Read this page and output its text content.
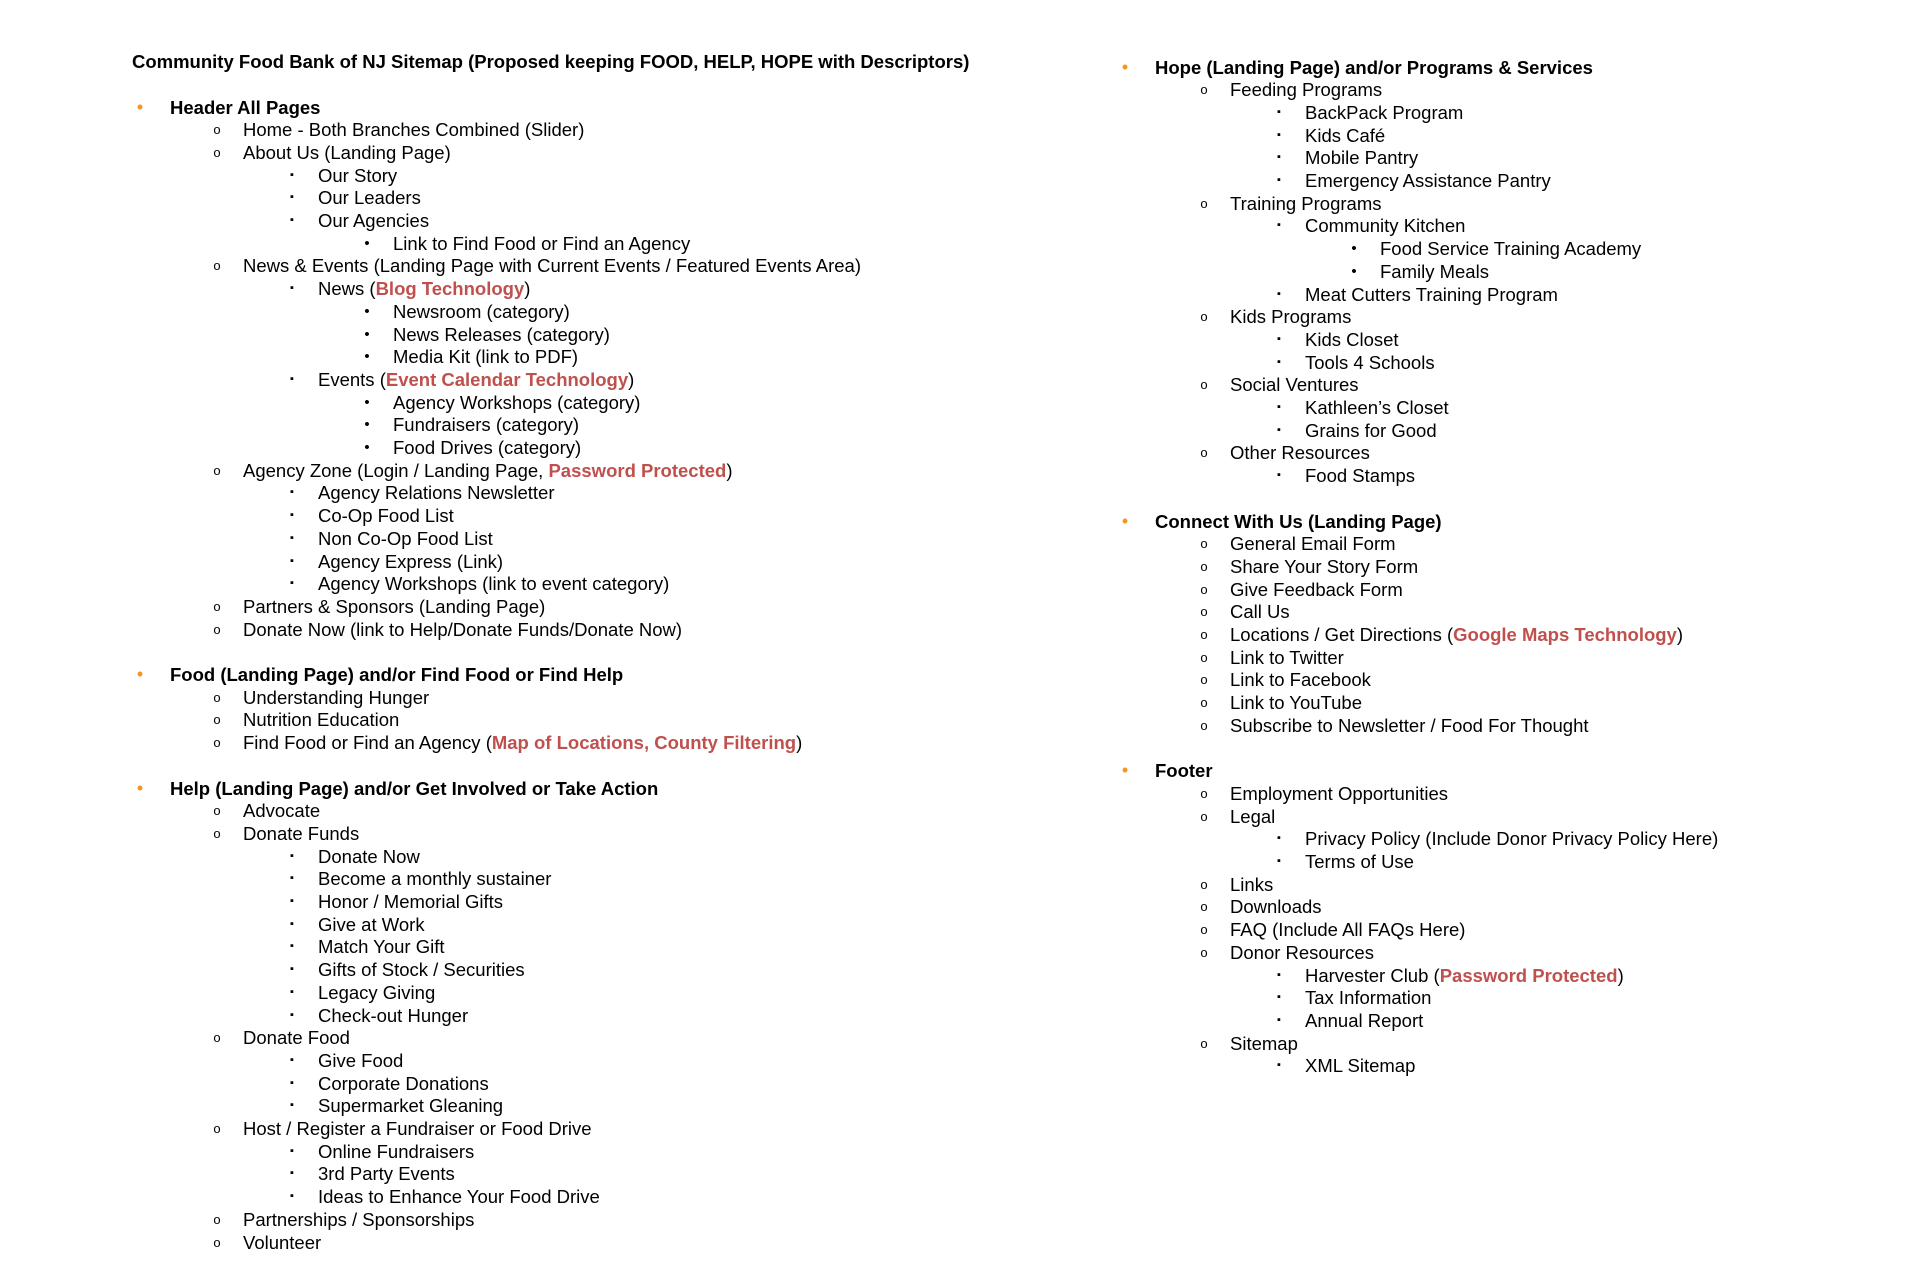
Community Food Bank of NJ Sitemap (Proposed keeping FOOD, HELP, HOPE with Descriptors)
•	Header All Pages
o	Home - Both Branches Combined (Slider)
o	About Us (Landing Page)
▪	Our Story
▪	Our Leaders
▪	Our Agencies
•	Link to Find Food or Find an Agency
o	News & Events (Landing Page with Current Events / Featured Events Area)
▪	News (Blog Technology)
•	Newsroom (category)
•	News Releases (category)
•	Media Kit (link to PDF)
▪	Events (Event Calendar Technology)
•	Agency Workshops (category)
•	Fundraisers (category)
•	Food Drives (category)
o	Agency Zone (Login / Landing Page, Password Protected)
▪	Agency Relations Newsletter
▪	Co-Op Food List
▪	Non Co-Op Food List
▪	Agency Express (Link)
▪	Agency Workshops (link to event category)
o	Partners & Sponsors (Landing Page)
o	Donate Now (link to Help/Donate Funds/Donate Now)
•	Food (Landing Page) and/or Find Food or Find Help
o	Understanding Hunger
o	Nutrition Education
o	Find Food or Find an Agency (Map of Locations, County Filtering)
•	Help (Landing Page) and/or Get Involved or Take Action
o	Advocate
o	Donate Funds
▪	Donate Now
▪	Become a monthly sustainer
▪	Honor / Memorial Gifts
▪	Give at Work
▪	Match Your Gift
▪	Gifts of Stock / Securities
▪	Legacy Giving
▪	Check-out Hunger
o	Donate Food
▪	Give Food
▪	Corporate Donations
▪	Supermarket Gleaning
o	Host / Register a Fundraiser or Food Drive
▪	Online Fundraisers
▪	3rd Party Events
▪	Ideas to Enhance Your Food Drive
o	Partnerships / Sponsorships
o	Volunteer
•	Hope (Landing Page) and/or Programs & Services
o	Feeding Programs
▪	BackPack Program
▪	Kids Café
▪	Mobile Pantry
▪	Emergency Assistance Pantry
o	Training Programs
▪	Community Kitchen
•	Food Service Training Academy
•	Family Meals
▪	Meat Cutters Training Program
o	Kids Programs
▪	Kids Closet
▪	Tools 4 Schools
o	Social Ventures
▪	Kathleen’s Closet
▪	Grains for Good
o	Other Resources
▪	Food Stamps
•	Connect With Us (Landing Page)
o	General Email Form
o	Share Your Story Form
o	Give Feedback Form
o	Call Us
o	Locations / Get Directions (Google Maps Technology)
o	Link to Twitter
o	Link to Facebook
o	Link to YouTube
o	Subscribe to Newsletter / Food For Thought
•	Footer
o	Employment Opportunities
o	Legal
▪	Privacy Policy (Include Donor Privacy Policy Here)
▪	Terms of Use
o	Links
o	Downloads
o	FAQ (Include All FAQs Here)
o	Donor Resources
▪	Harvester Club (Password Protected)
▪	Tax Information
▪	Annual Report
o	Sitemap
▪	XML Sitemap
